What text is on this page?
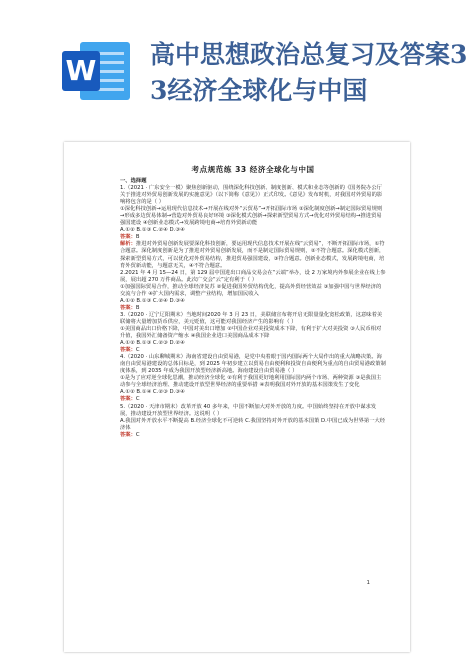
W 高中思想政治总复习及答案3
3经济全球化与中国
考点规范练 33 经济全球化与中国
一、选择题
1.（2021 · 广东安全一模）聚焦创新驱动，围绕深化科技创新、制度创新、模式和业态等创新的《国务院办公厅关于推进对外贸易创新发展的实施意见》（以下简称《意见》）正式印发。《意见》发布时机，对我国对外贸易的影响将包含的是（ ）
①深化科技创新→运用现代信息技术→开展在线对外“云贸易”→开拓国际市场 ②深化制度创新→制定国际贸易规则→形成多边贸易体制→营造对外贸易良好环境 ③深化模式创新→探索新型贸易方式→优化对外贸易结构→推进贸易强国建设 ④创新业态模式→发展跨境电商→培育外贸新动能
A.①② B.①③ C.②④ D.③④
答案：B
解析：推进对外贸易创新发展要深化科技创新，要运用现代信息技术开展在线“云贸易”，不断开拓国际市场，①符合题意。深化制度创新是为了推进对外贸易创新发展，而不是制定国际贸易规则，②不符合题意。深化模式创新，探索新型贸易方式，可以优化对外贸易结构，推进贸易强国建设，③符合题意。创新业态模式，发展跨境电商，培育外贸新动能，与题意无关，④不符合题意。
2.2021 年 4 月 15—24 日，第 129 届中国进出口商品交易会在“云端”举办，设 2 万家境内外参展企业在线上参展，展出超 270 万件商品。此次广交会“云”定有利于（ ）
①加强国际贸易合作，推动全球经济复苏 ②促进我国外贸结构优化，提高外贸经营效益 ③加强中国与世界经济的交流与合作 ④扩大国内需求，调整产业结构，增加国民收入
A.①② B.①③ C.②④ D.③④
答案：B
3.（2020 · 辽宁辽阳期末）当地时间2020 年 3 月 23 日，美联储宣布将开启无限量量化宽松政策，这意味着美联储将大量增加货币供应，美元贬值，这可能对我国经济产生的影响有（ ）
①美国商品出口价格下降，中国对美出口增加 ②中国企业对美投资成本下降，有利于扩大对美投资 ③人民币相对升值，我国外汇储备资产缩水 ④我国企业进口美国商品成本下降
A.①② B.①③ C.②③ D.②④
答案：C
4.（2020 · 山东聊城期末）海南省建设自由贸易港，是党中央着眼于国内国际两个大局作出的重大战略决策。海南自由贸易港建设的总体目标是，到 2025 年初步建立以贸易自由便利和投资自由便利为重点的自由贸易港政策制度体系，到 2035 年成为我国开放型经济新高地。海南建设自由贸易港（ ）
①是为了应对逆全球化思潮，推动经济全球化 ②有利于我国更好地利用国际国内两个市场、两种资源 ③是我国主动参与全球经济治理、推动建设开放型世界经济的重要举措 ④表明我国对外开放的基本国策发生了变化
A.①② B.①④ C.②③ D.③④
答案：C
5.（2020 · 天津市期末）改革开放 40 多年来，中国不断加大对外开放的力度。中国始终坚持在开放中谋求发展，推动建设开放型世界经济。这说明（ ）
A.我国对外开放水平不断提高 B.经济全球化不可逆转 C.我国坚持对外开放的基本国策 D.中国已成为世界第一大经济体
答案：C
1
